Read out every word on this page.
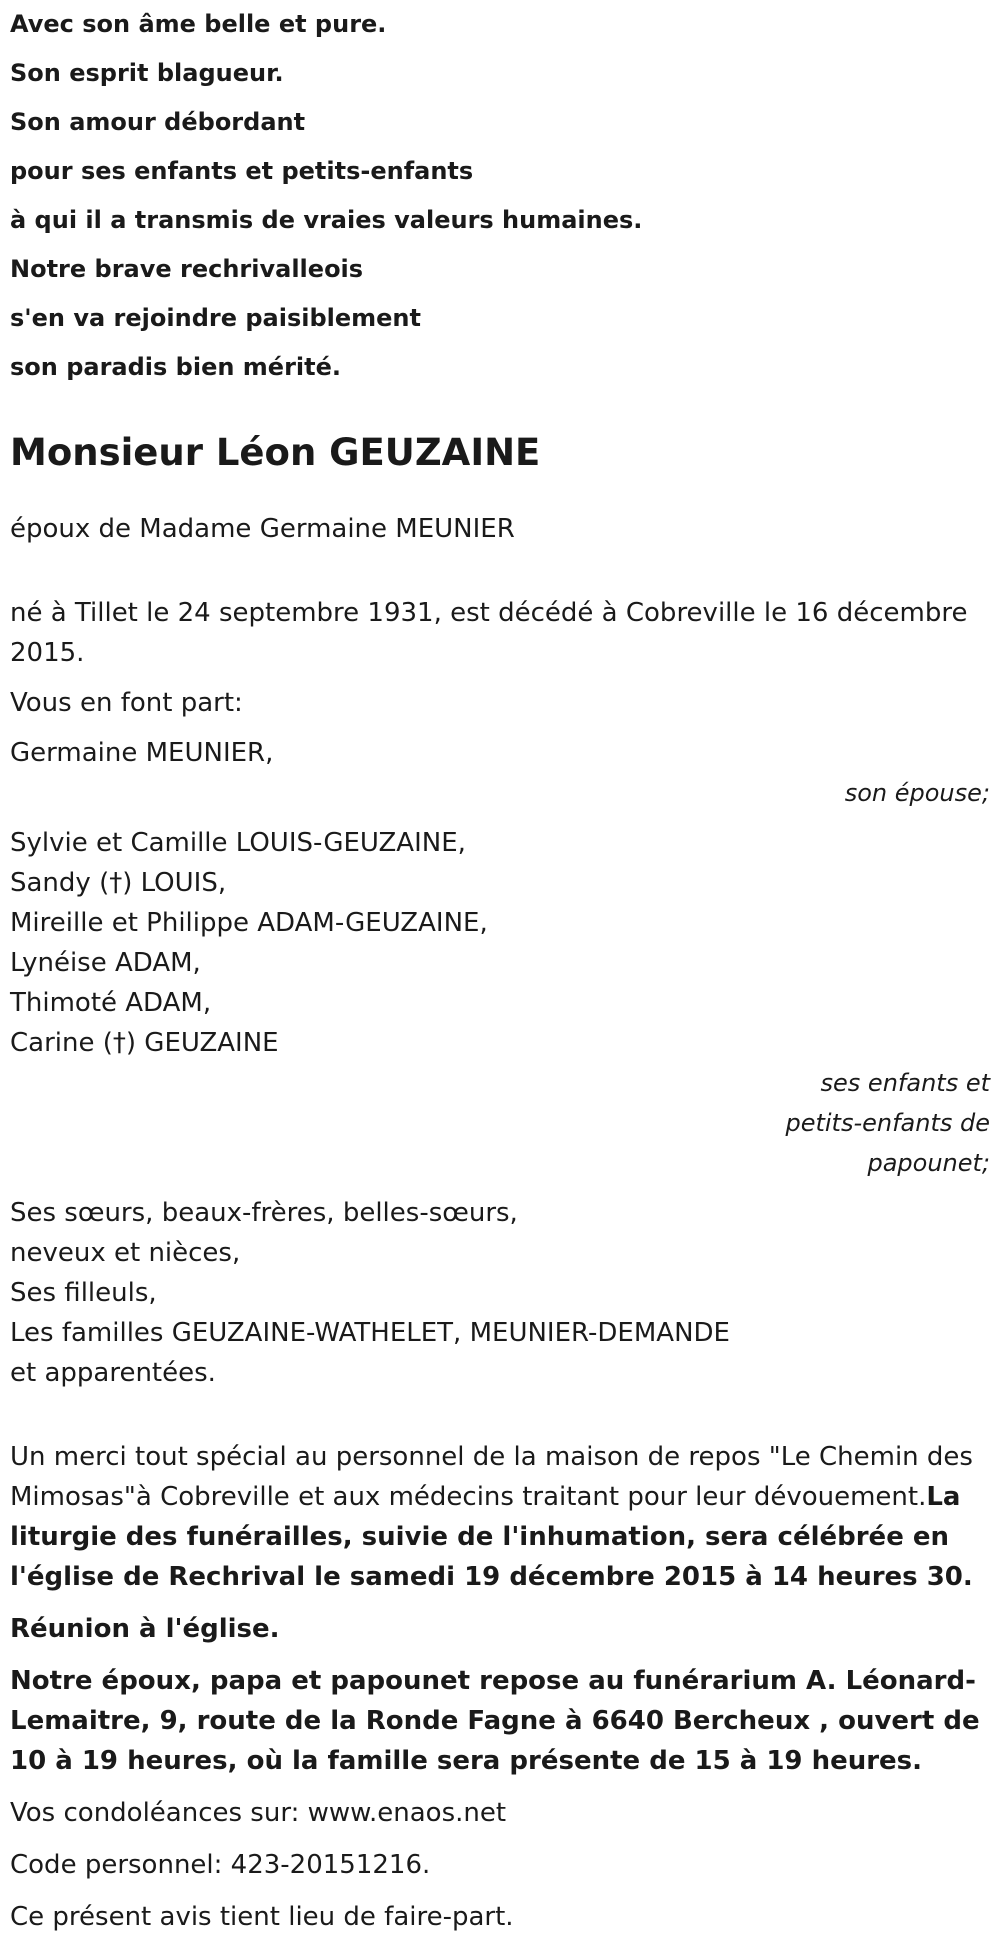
Avec son âme belle et pure.

Son esprit blagueur.

Son amour débordant

pour ses enfants et petits-enfants

à qui il a transmis de vraies valeurs humaines.

Notre brave rechrivalleois

s'en va rejoindre paisiblement

son paradis bien mérité.

Monsieur Léon GEUZAINE

époux de Madame Germaine MEUNIER

né à Tillet le 24 septembre 1931, est décédé à Cobreville le 16 décembre 2015.

Vous en font part:

Germaine MEUNIER,

son épouse;

Sylvie et Camille LOUIS-GEUZAINE,

Sandy (†) LOUIS,

Mireille et Philippe ADAM-GEUZAINE,

Lynéise ADAM,

Thimoté ADAM,

Carine (†) GEUZAINE

ses enfants et

petits-enfants de

papounet;

Ses sœurs, beaux-frères, belles-sœurs,

neveux et nièces,

Ses filleuls,

Les familles GEUZAINE-WATHELET, MEUNIER-DEMANDE

et apparentées.

Un merci tout spécial au personnel de la maison de repos "Le Chemin des Mimosas"à Cobreville et aux médecins traitant pour leur dévouement.La liturgie des funérailles, suivie de l'inhumation, sera célébrée en l'église de Rechrival le samedi 19 décembre 2015 à 14 heures 30.

Réunion à l'église.

Notre époux, papa et papounet repose au funérarium A. Léonard-Lemaitre, 9, route de la Ronde Fagne à 6640 Bercheux , ouvert de 10 à 19 heures, où la famille sera présente de 15 à 19 heures.

Vos condoléances sur: www.enaos.net

Code personnel: 423-20151216.

Ce présent avis tient lieu de faire-part.
